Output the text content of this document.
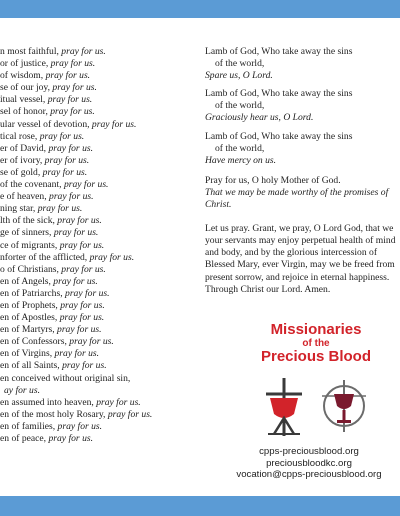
n most faithful, pray for us.
or of justice, pray for us.
of wisdom, pray for us.
se of our joy, pray for us.
itual vessel, pray for us.
sel of honor, pray for us.
ular vessel of devotion, pray for us.
tical rose, pray for us.
er of David, pray for us.
er of ivory, pray for us.
se of gold, pray for us.
of the covenant, pray for us.
e of heaven, pray for us.
ning star, pray for us.
lth of the sick, pray for us.
ge of sinners, pray for us.
ce of migrants, pray for us.
nforter of the afflicted, pray for us.
o of Christians, pray for us.
en of Angels, pray for us.
en of Patriarchs, pray for us.
en of Prophets, pray for us.
en of Apostles, pray for us.
en of Martyrs, pray for us.
en of Confessors, pray for us.
en of Virgins, pray for us.
en of all Saints, pray for us.
en conceived without original sin,
ay for us.
en assumed into heaven, pray for us.
en of the most holy Rosary, pray for us.
en of families, pray for us.
en of peace, pray for us.

Lamb of God, Who take away the sins
of the world,
Spare us, O Lord.

Lamb of God, Who take away the sins
of the world,
Graciously hear us, O Lord.

Lamb of God, Who take away the sins
of the world,
Have mercy on us.

Pray for us, O holy Mother of God.
That we may be made worthy of the promises of Christ.

Let us pray. Grant, we pray, O Lord God, that we your servants may enjoy perpetual health of mind and body, and by the glorious intercession of Blessed Mary, ever Virgin, may we be freed from present sorrow, and rejoice in eternal happiness. Through Christ our Lord. Amen.

Missionaries
of the
Precious Blood
cpps-preciousblood.org
preciousbloodkc.org
vocation@cpps-preciousblood.org
